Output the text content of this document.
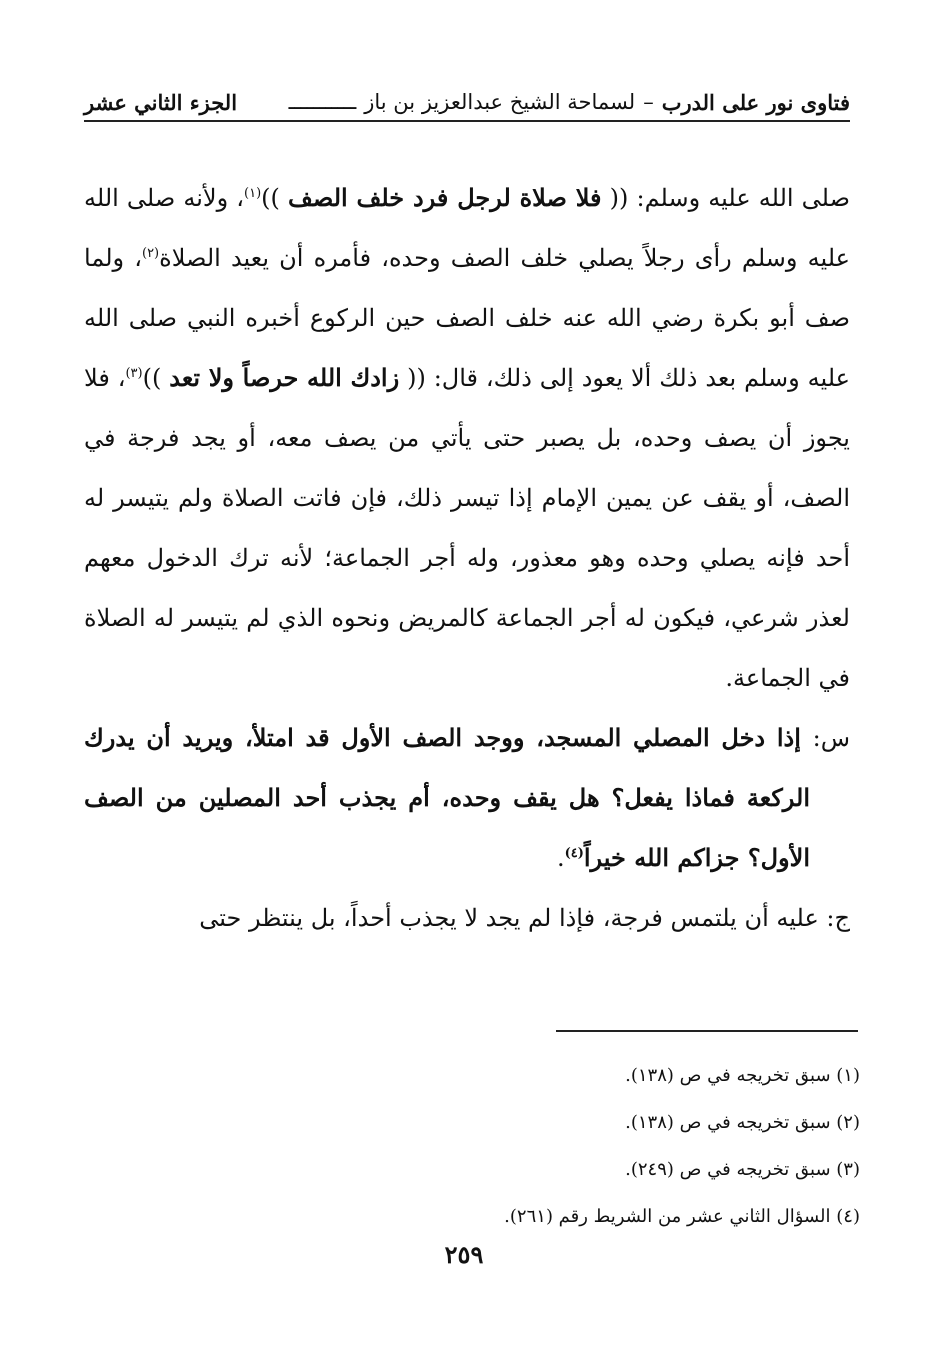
فتاوى نور على الدرب
–
لسماحة الشيخ عبدالعزيز بن باز
ـــــــــــ
الجزء الثاني عشر

صلى الله عليه وسلم: (( فلا صلاة لرجل فرد خلف الصف ))$^{(١)}$، ولأنه صلى الله عليه وسلم رأى رجلاً يصلي خلف الصف وحده، فأمره أن يعيد الصلاة$^{(٢)}$، ولما صف أبو بكرة رضي الله عنه خلف الصف حين الركوع أخبره النبي صلى الله عليه وسلم بعد ذلك ألا يعود إلى ذلك، قال: (( زادك الله حرصاً ولا تعد ))$^{(٣)}$، فلا يجوز أن يصف وحده، بل يصبر حتى يأتي من يصف معه، أو يجد فرجة في الصف، أو يقف عن يمين الإمام إذا تيسر ذلك، فإن فاتت الصلاة ولم يتيسر له أحد فإنه يصلي وحده وهو معذور، وله أجر الجماعة؛ لأنه ترك الدخول معهم لعذر شرعي، فيكون له أجر الجماعة كالمريض ونحوه الذي لم يتيسر له الصلاة في الجماعة.

س: إذا دخل المصلي المسجد، ووجد الصف الأول قد امتلأ، ويريد أن يدرك الركعة فماذا يفعل؟ هل يقف وحده، أم يجذب أحد المصلين من الصف الأول؟ جزاكم الله خيراً$^{(٤)}$.

ج: عليه أن يلتمس فرجة، فإذا لم يجد لا يجذب أحداً، بل ينتظر حتى

(١) سبق تخريجه في ص (١٣٨).

(٢) سبق تخريجه في ص (١٣٨).

(٣) سبق تخريجه في ص (٢٤٩).

(٤) السؤال الثاني عشر من الشريط رقم (٢٦١).

٢٥٩
